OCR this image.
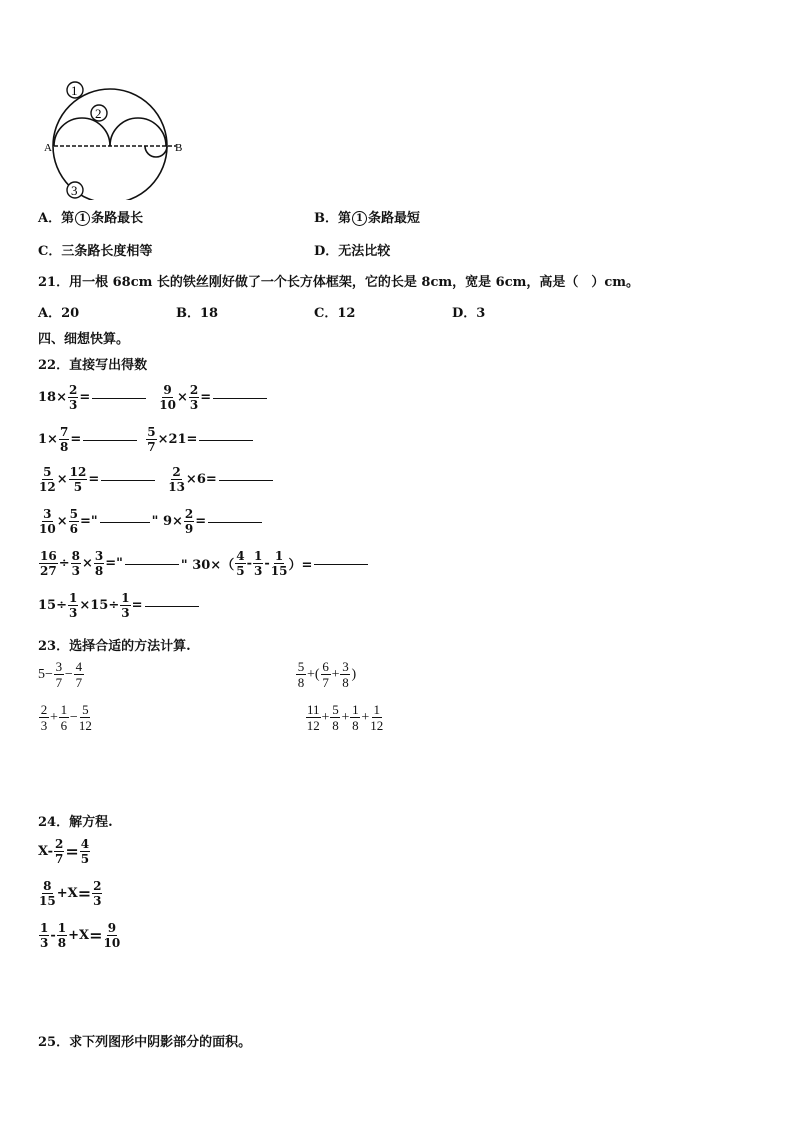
A	B
1
2
3
A．第 1 条路最长	B．第 1 条路最短
C．三条路长度相等	D．无法比较
21．用一根 68cm 长的铁丝刚好做了一个长方体框架，它的长是 8cm，宽是 6cm，高是（　）cm。
A．20	B．18	C．12	D．3
四、细想快算。
22．直接写出得数
$18\times \frac{2}{3}$ =	$\frac{9}{10} \times \frac{2}{3}$ =
$1\times \frac{7}{8}$ =	$\frac{5}{7} \times 21=$
$\frac{5}{12} \times \frac{12}{5}$ =	$\frac{2}{13} \times 6=$
$\frac{3}{10} \times \frac{5}{6}$ ="	" $9\times \frac{2}{9}$ =
$\frac{16}{27} \div \frac{8}{3} \times \frac{3}{8}$ ="	" $30\times( \frac{4}{5} - \frac{1}{3} - \frac{1}{15}$ ）=
$15\div \frac{1}{3} \times 15\div \frac{1}{3}$ =
23．选择合适的方法计算.
$5- \frac{3}{7} - \frac{4}{7}$	$\frac{5}{8}$ +( $\frac{6}{7} + \frac{3}{8}$ )
$\frac{2}{3} + \frac{1}{6} - \frac{5}{12}$	$\frac{11}{12} + \frac{5}{8} + \frac{1}{8} + \frac{1}{12}$
24．解方程.
$X- \frac{2}{7} = \frac{4}{5}$
$\frac{8}{15} +X = \frac{2}{3}$
$\frac{1}{3} - \frac{1}{8} +X = \frac{9}{10}$
25．求下列图形中阴影部分的面积。
